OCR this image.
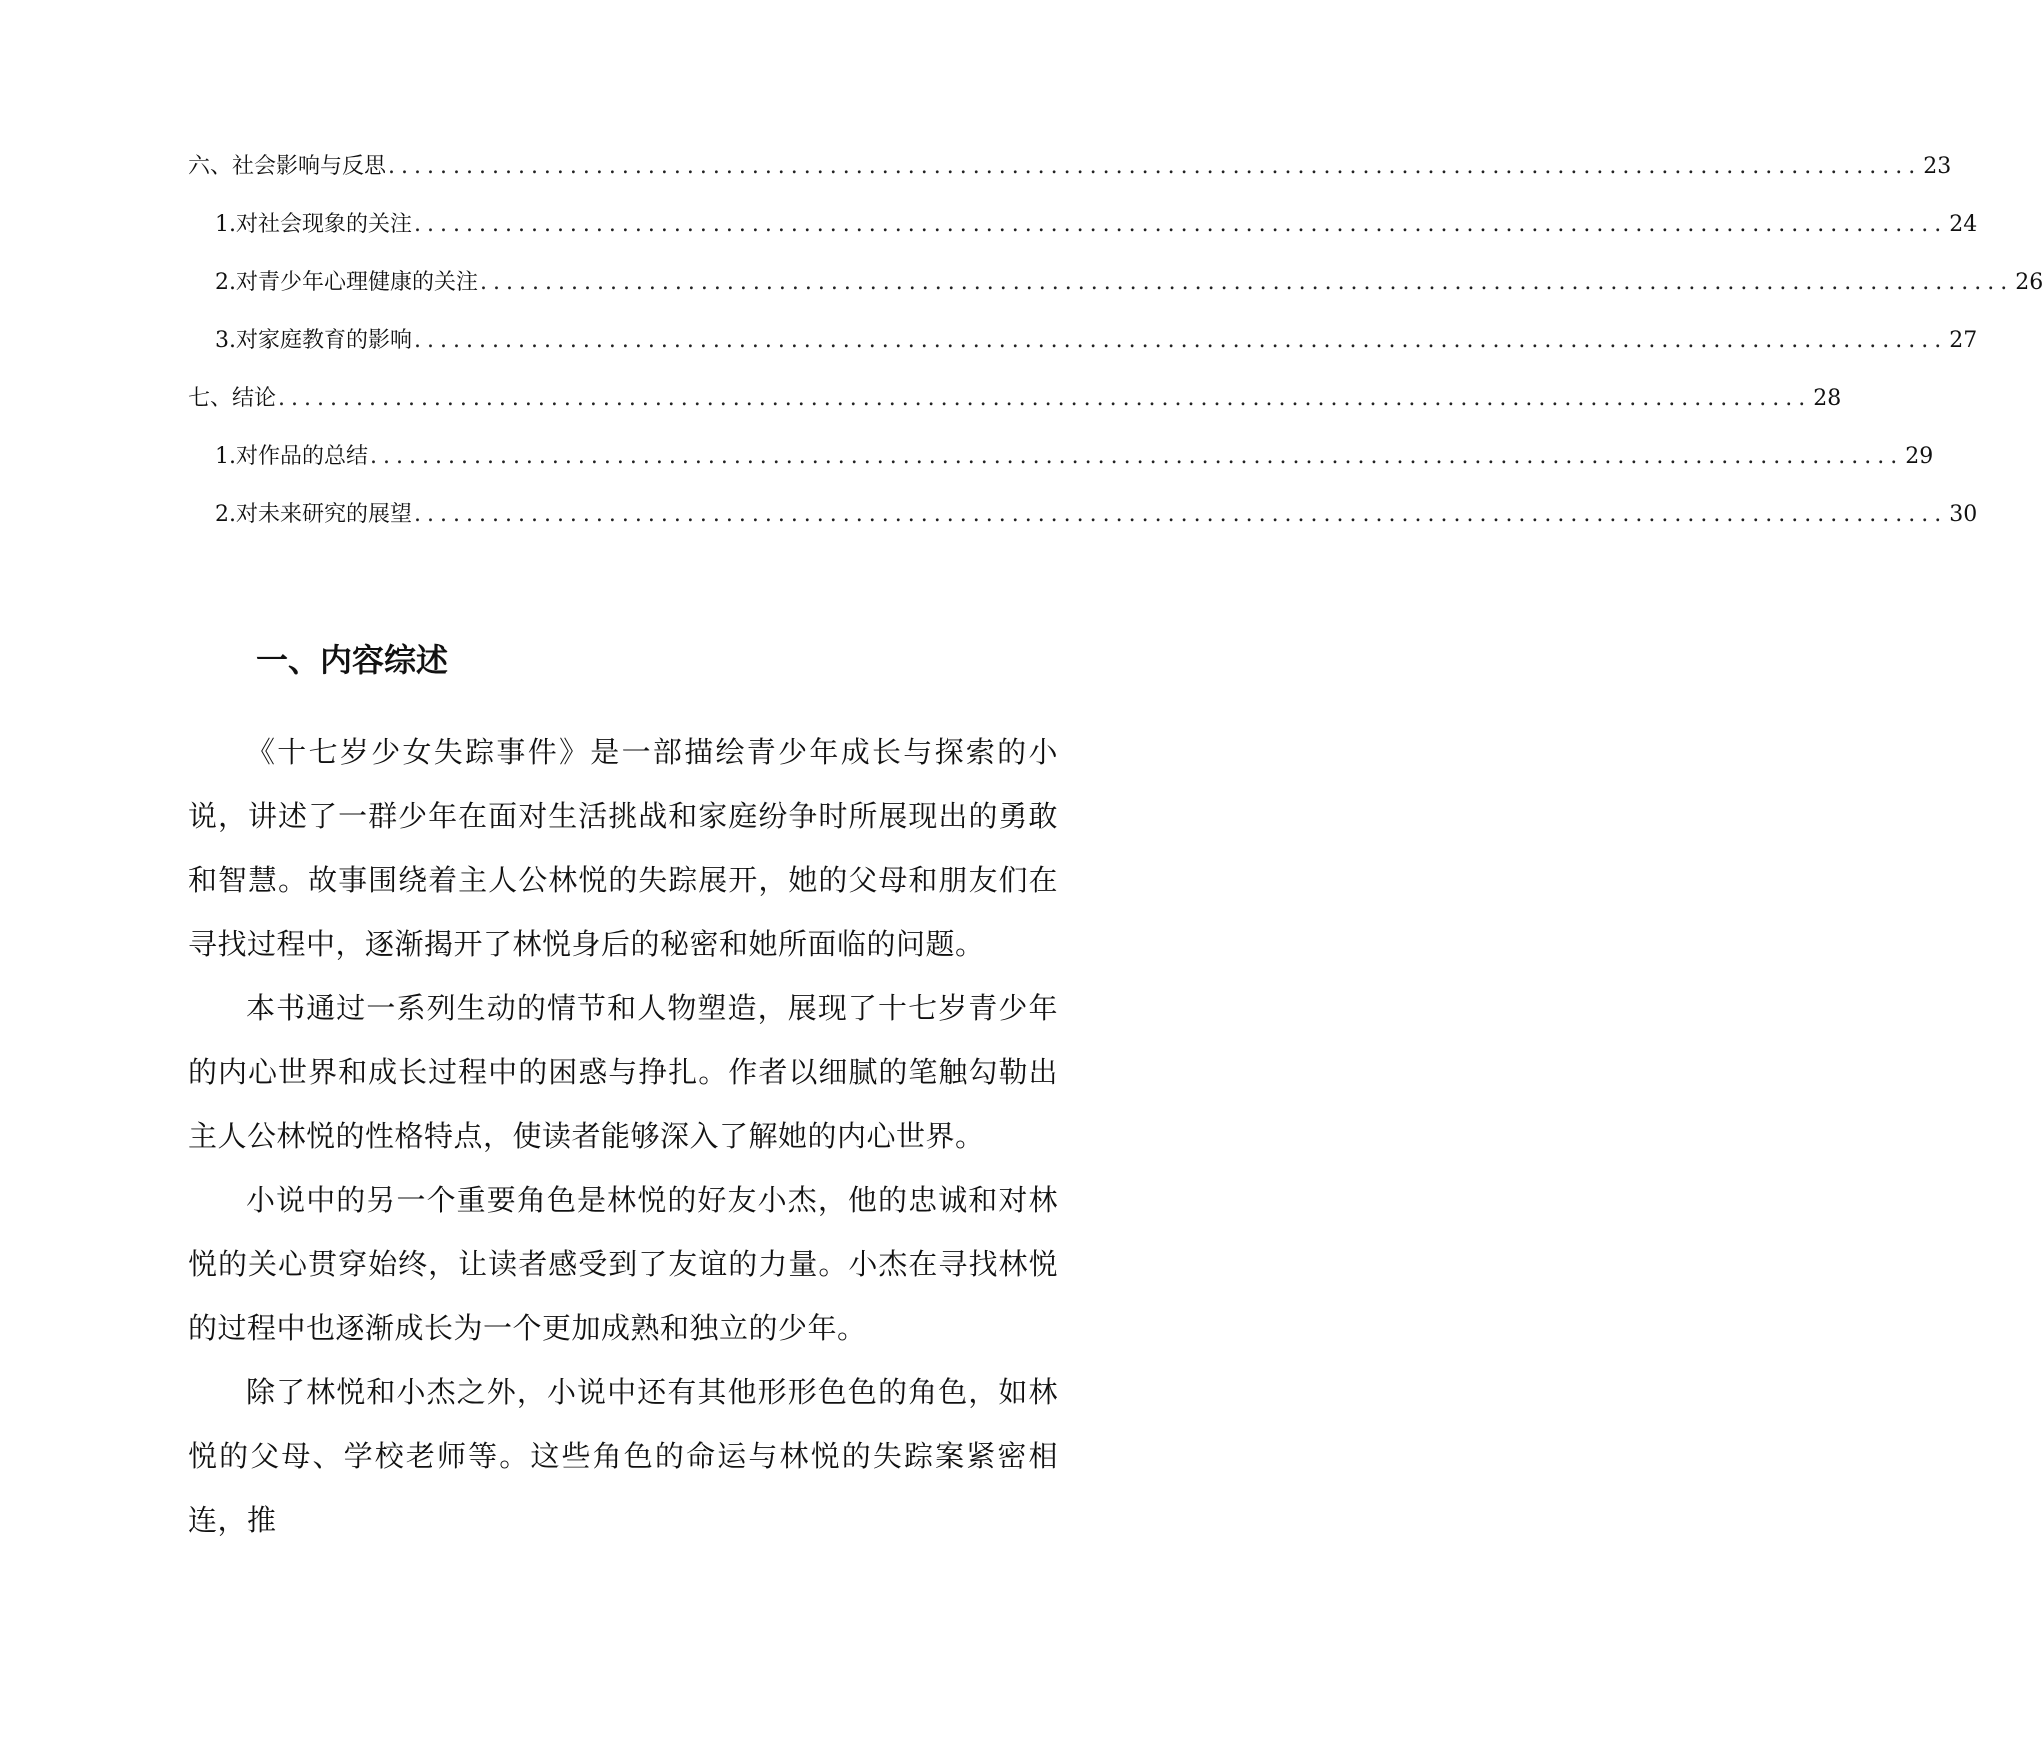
六、社会影响与反思 ...................................................................................................................... 23
1. 对社会现象的关注 ...................................................................................................................... 24
2. 对青少年心理健康的关注 ...................................................................................................................... 26
3. 对家庭教育的影响 ...................................................................................................................... 27
七、结论 ...................................................................................................................... 28
1. 对作品的总结 ...................................................................................................................... 29
2. 对未来研究的展望 ...................................................................................................................... 30
一、内容综述

《十七岁少女失踪事件》是一部描绘青少年成长与探索的小说，讲述了一群少年在面对生活挑战和家庭纷争时所展现出的勇敢和智慧。故事围绕着主人公林悦的失踪展开，她的父母和朋友们在寻找过程中，逐渐揭开了林悦身后的秘密和她所面临的问题。

本书通过一系列生动的情节和人物塑造，展现了十七岁青少年的内心世界和成长过程中的困惑与挣扎。作者以细腻的笔触勾勒出主人公林悦的性格特点，使读者能够深入了解她的内心世界。

小说中的另一个重要角色是林悦的好友小杰，他的忠诚和对林悦的关心贯穿始终，让读者感受到了友谊的力量。小杰在寻找林悦的过程中也逐渐成长为一个更加成熟和独立的少年。

除了林悦和小杰之外，小说中还有其他形形色色的角色，如林悦的父母、学校老师等。这些角色的命运与林悦的失踪案紧密相连，推
